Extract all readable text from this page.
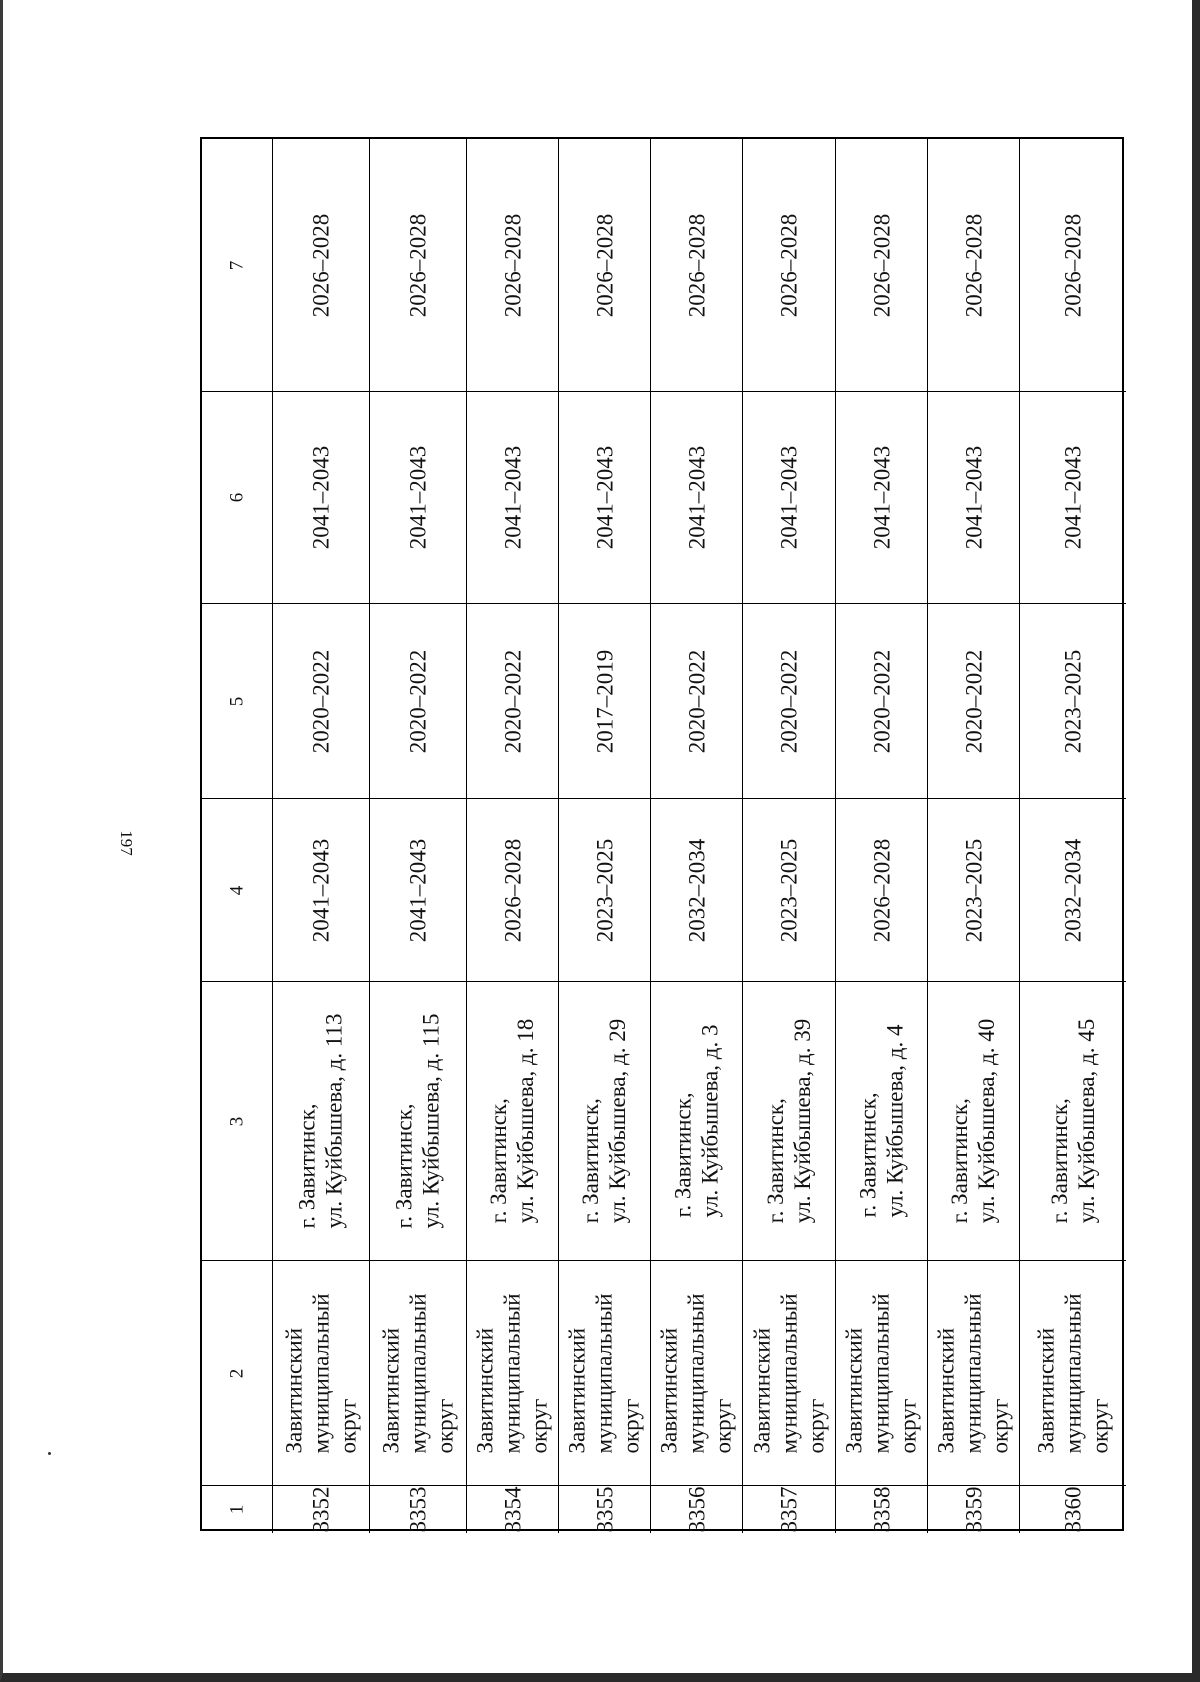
197
1
2
3
4
5
6
7
3352
Завитинский муниципальный округ
г. Завитинск, ул. Куйбышева, д. 113
2041–2043
2020–2022
2041–2043
2026–2028
3353
Завитинский муниципальный округ
г. Завитинск, ул. Куйбышева, д. 115
2041–2043
2020–2022
2041–2043
2026–2028
3354
Завитинский муниципальный округ
г. Завитинск, ул. Куйбышева, д. 18
2026–2028
2020–2022
2041–2043
2026–2028
3355
Завитинский муниципальный округ
г. Завитинск, ул. Куйбышева, д. 29
2023–2025
2017–2019
2041–2043
2026–2028
3356
Завитинский муниципальный округ
г. Завитинск, ул. Куйбышева, д. 3
2032–2034
2020–2022
2041–2043
2026–2028
3357
Завитинский муниципальный округ
г. Завитинск, ул. Куйбышева, д. 39
2023–2025
2020–2022
2041–2043
2026–2028
3358
Завитинский муниципальный округ
г. Завитинск, ул. Куйбышева, д. 4
2026–2028
2020–2022
2041–2043
2026–2028
3359
Завитинский муниципальный округ
г. Завитинск, ул. Куйбышева, д. 40
2023–2025
2020–2022
2041–2043
2026–2028
3360
Завитинский муниципальный округ
г. Завитинск, ул. Куйбышева, д. 45
2032–2034
2023–2025
2041–2043
2026–2028
